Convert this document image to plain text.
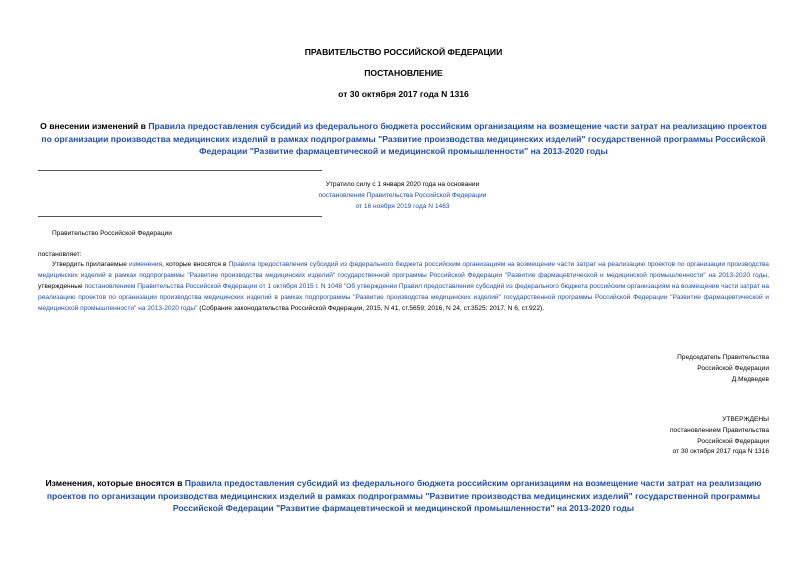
ПРАВИТЕЛЬСТВО РОССИЙСКОЙ ФЕДЕРАЦИИ
ПОСТАНОВЛЕНИЕ
от 30 октября 2017 года N 1316
О внесении изменений в Правила предоставления субсидий из федерального бюджета российским организациям на возмещение части затрат на реализацию проектов по организации производства медицинских изделий в рамках подпрограммы "Развитие производства медицинских изделий" государственной программы Российской Федерации "Развитие фармацевтической и медицинской промышленности" на 2013-2020 годы
Утратило силу с 1 января 2020 года на основании
постановления Правительства Российской Федерации
от 16 ноября 2019 года N 1463
Правительство Российской Федерации
постановляет:
Утвердить прилагаемые изменения, которые вносятся в Правила предоставления субсидий из федерального бюджета российским организациям на возмещение части затрат на реализацию проектов по организации производства медицинских изделий в рамках подпрограммы "Развитие производства медицинских изделий" государственной программы Российской Федерации "Развитие фармацевтической и медицинской промышленности" на 2013-2020 годы, утвержденные постановлением Правительства Российской Федерации от 1 октября 2015 г. N 1048 "Об утверждении Правил предоставления субсидий из федерального бюджета российским организациям на возмещение части затрат на реализацию проектов по организации производства медицинских изделий в рамках подпрограммы "Развитие производства медицинских изделий" государственной программы Российской Федерации "Развитие фармацевтической и медицинской промышленности" на 2013-2020 годы" (Собрание законодательства Российской Федерации, 2015, N 41, ст.5659; 2016, N 24, ст.3525; 2017, N 6, ст.922).
Председатель Правительства
Российской Федерации
Д.Медведев
УТВЕРЖДЕНЫ
постановлением Правительства
Российской Федерации
от 30 октября 2017 года N 1316
Изменения, которые вносятся в Правила предоставления субсидий из федерального бюджета российским организациям на возмещение части затрат на реализацию проектов по организации производства медицинских изделий в рамках подпрограммы "Развитие производства медицинских изделий" государственной программы Российской Федерации "Развитие фармацевтической и медицинской промышленности" на 2013-2020 годы
